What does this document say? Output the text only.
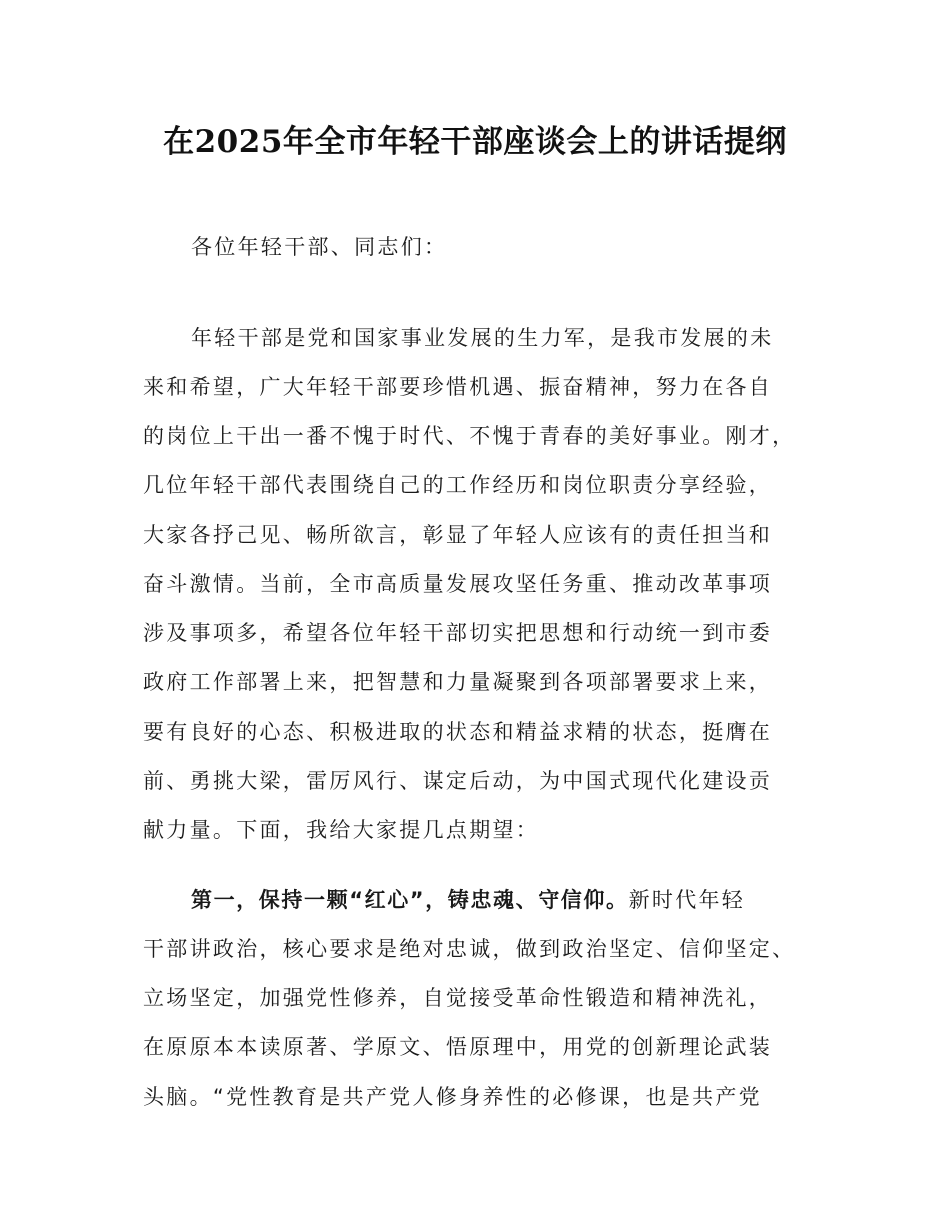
在2025年全市年轻干部座谈会上的讲话提纲
各位年轻干部、同志们：
年轻干部是党和国家事业发展的生力军，是我市发展的未
来和希望，广大年轻干部要珍惜机遇、振奋精神，努力在各自
的岗位上干出一番不愧于时代、不愧于青春的美好事业。刚才，
几位年轻干部代表围绕自己的工作经历和岗位职责分享经验，
大家各抒己见、畅所欲言，彰显了年轻人应该有的责任担当和
奋斗激情。当前，全市高质量发展攻坚任务重、推动改革事项
涉及事项多，希望各位年轻干部切实把思想和行动统一到市委
政府工作部署上来，把智慧和力量凝聚到各项部署要求上来，
要有良好的心态、积极进取的状态和精益求精的状态，挺膺在
前、勇挑大梁，雷厉风行、谋定后动，为中国式现代化建设贡
献力量。下面，我给大家提几点期望：
第一，保持一颗“红心”，铸忠魂、守信仰。新时代年轻
干部讲政治，核心要求是绝对忠诚，做到政治坚定、信仰坚定、
立场坚定，加强党性修养，自觉接受革命性锻造和精神洗礼，
在原原本本读原著、学原文、悟原理中，用党的创新理论武装
头脑。“党性教育是共产党人修身养性的必修课，也是共产党
